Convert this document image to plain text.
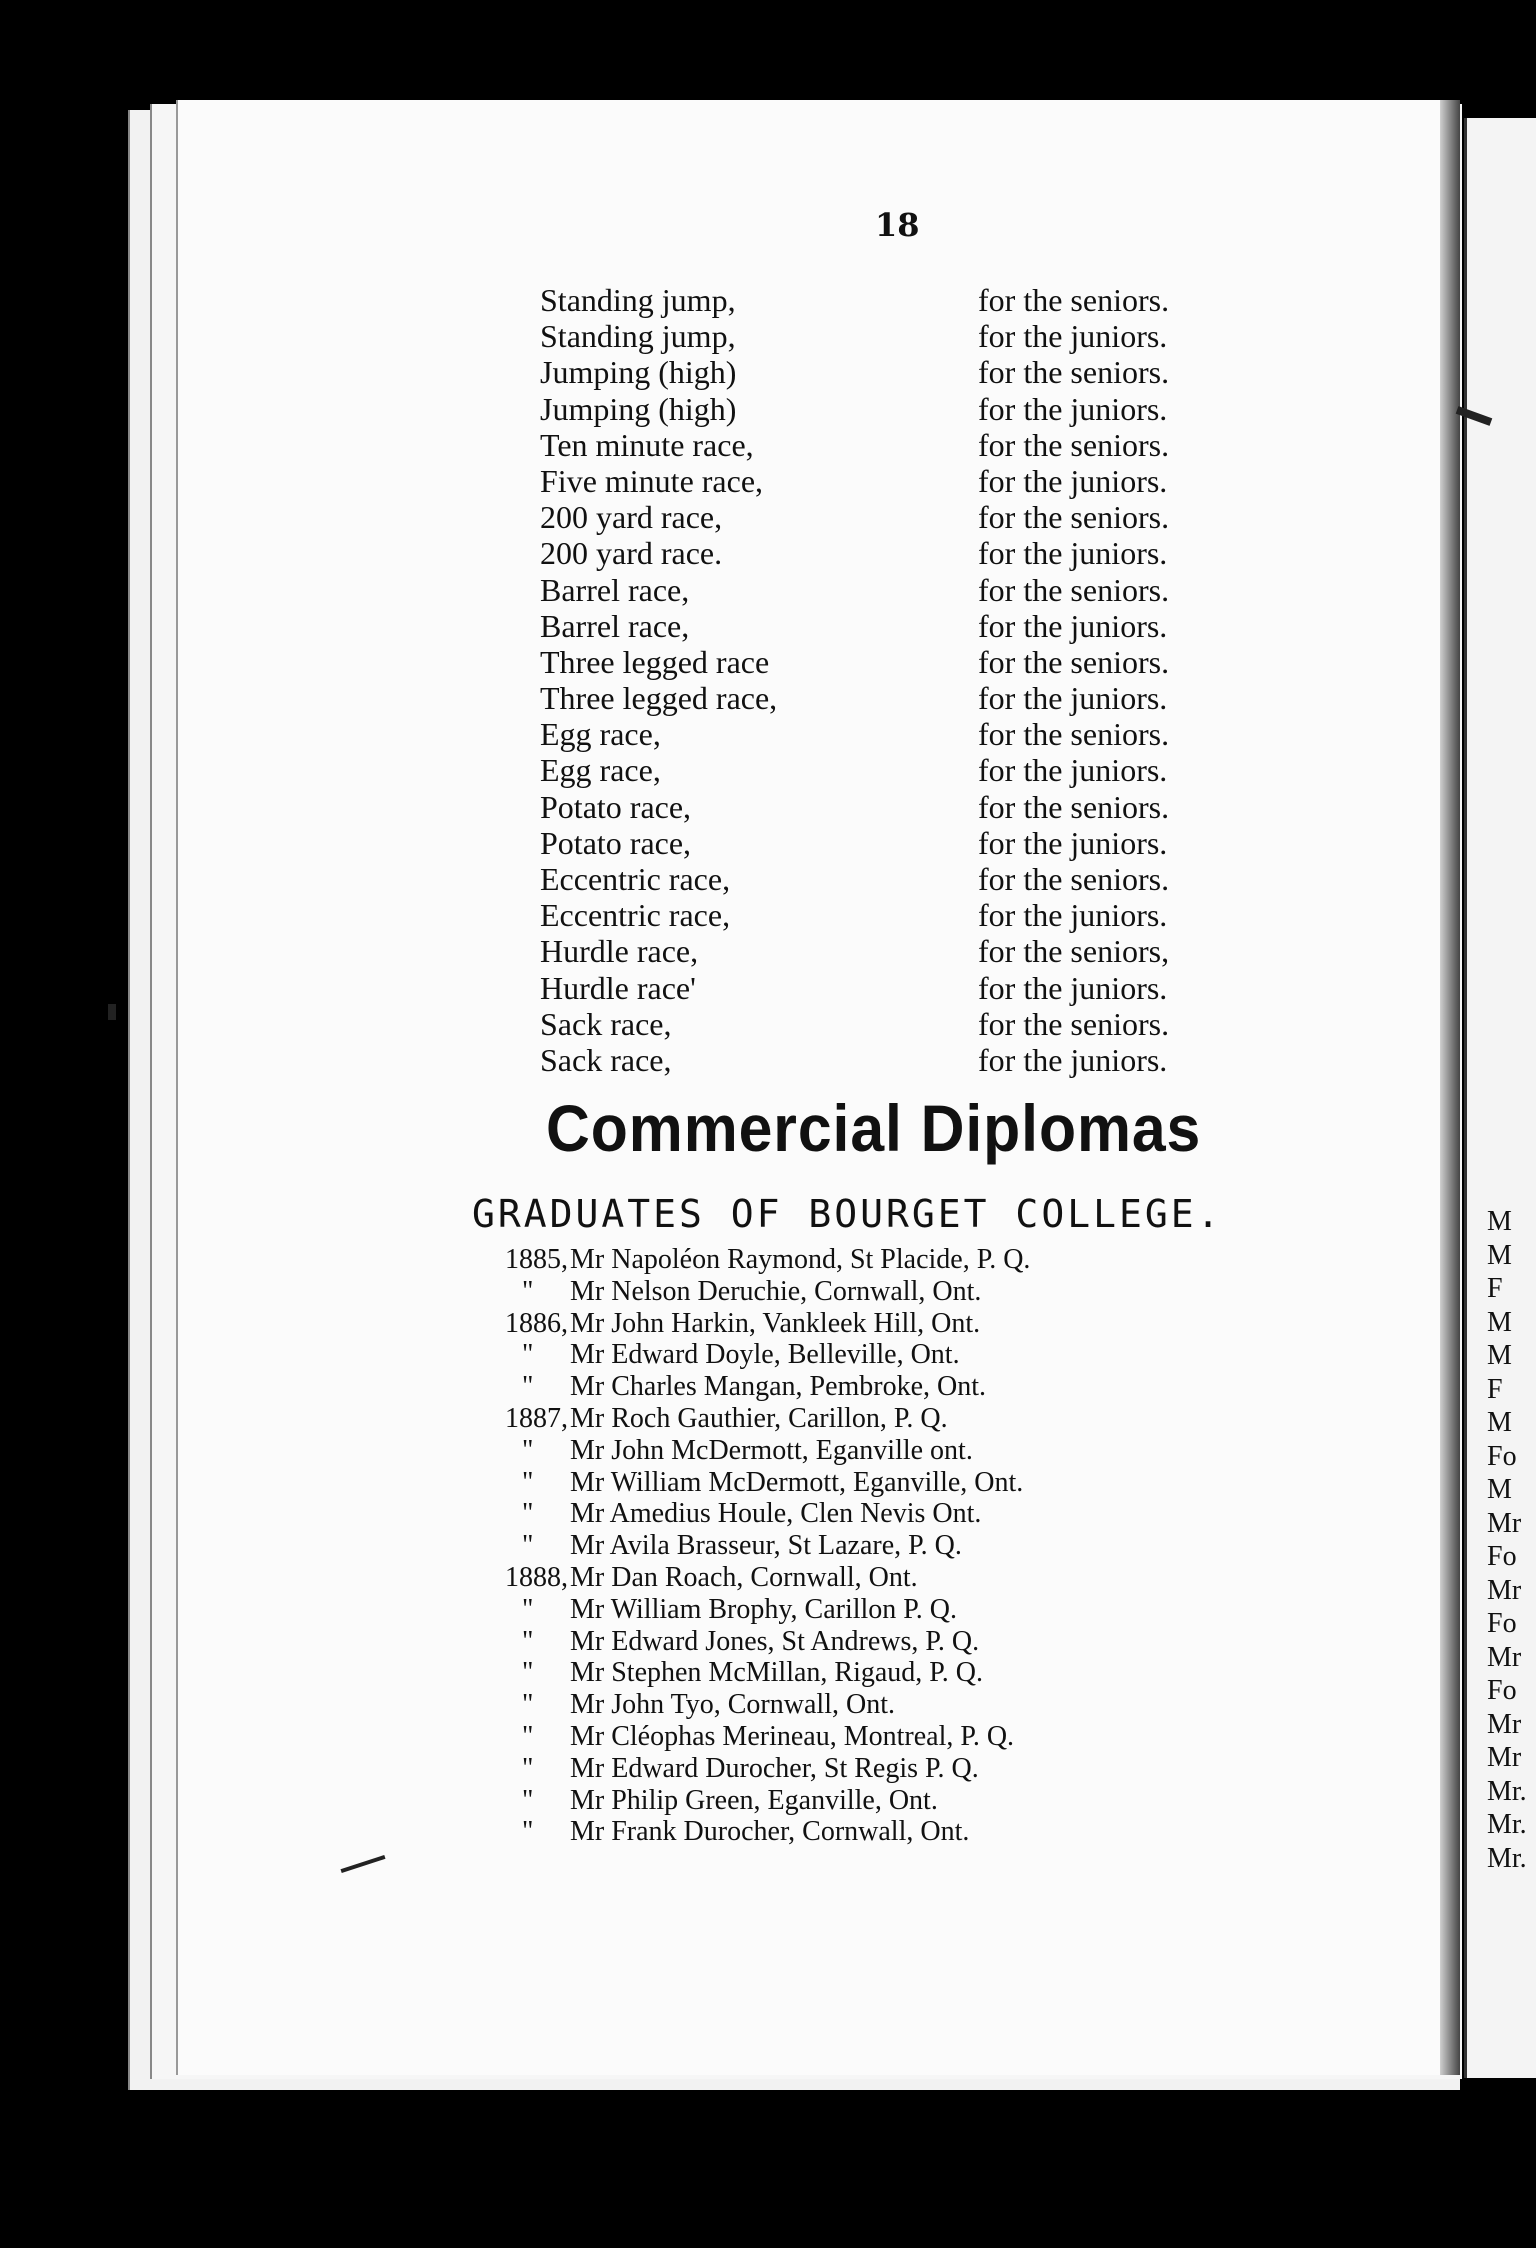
M
M
F
M
M
F
M
Fo
M
Mr
Fo
Mr
Fo
Mr
Fo
Mr
Mr
Mr.
Mr.
Mr.
18
Standing jump,	for the seniors.
Standing jump,	for the juniors.
Jumping (high)	for the seniors.
Jumping (high)	for the juniors.
Ten minute race,	for the seniors.
Five minute race,	for the juniors.
200 yard race,	for the seniors.
200 yard race.	for the juniors.
Barrel race,	for the seniors.
Barrel race,	for the juniors.
Three legged race	for the seniors.
Three legged race,	for the juniors.
Egg race,	for the seniors.
Egg race,	for the juniors.
Potato race,	for the seniors.
Potato race,	for the juniors.
Eccentric race,	for the seniors.
Eccentric race,	for the juniors.
Hurdle race,	for the seniors,
Hurdle race'	for the juniors.
Sack race,	for the seniors.
Sack race,	for the juniors.
Commercial Diplomas
GRADUATES OF BOURGET COLLEGE.
1885, Mr Napoléon Raymond, St Placide, P. Q.
" Mr Nelson Deruchie, Cornwall, Ont.
1886, Mr John Harkin, Vankleek Hill, Ont.
" Mr Edward Doyle, Belleville, Ont.
" Mr Charles Mangan, Pembroke, Ont.
1887, Mr Roch Gauthier, Carillon, P. Q.
" Mr John McDermott, Eganville ont.
" Mr William McDermott, Eganville, Ont.
" Mr Amedius Houle, Clen Nevis Ont.
" Mr Avila Brasseur, St Lazare, P. Q.
1888, Mr Dan Roach, Cornwall, Ont.
" Mr William Brophy, Carillon P. Q.
" Mr Edward Jones, St Andrews, P. Q.
" Mr Stephen McMillan, Rigaud, P. Q.
" Mr John Tyo, Cornwall, Ont.
" Mr Cléophas Merineau, Montreal, P. Q.
" Mr Edward Durocher, St Regis P. Q.
" Mr Philip Green, Eganville, Ont.
" Mr Frank Durocher, Cornwall, Ont.
